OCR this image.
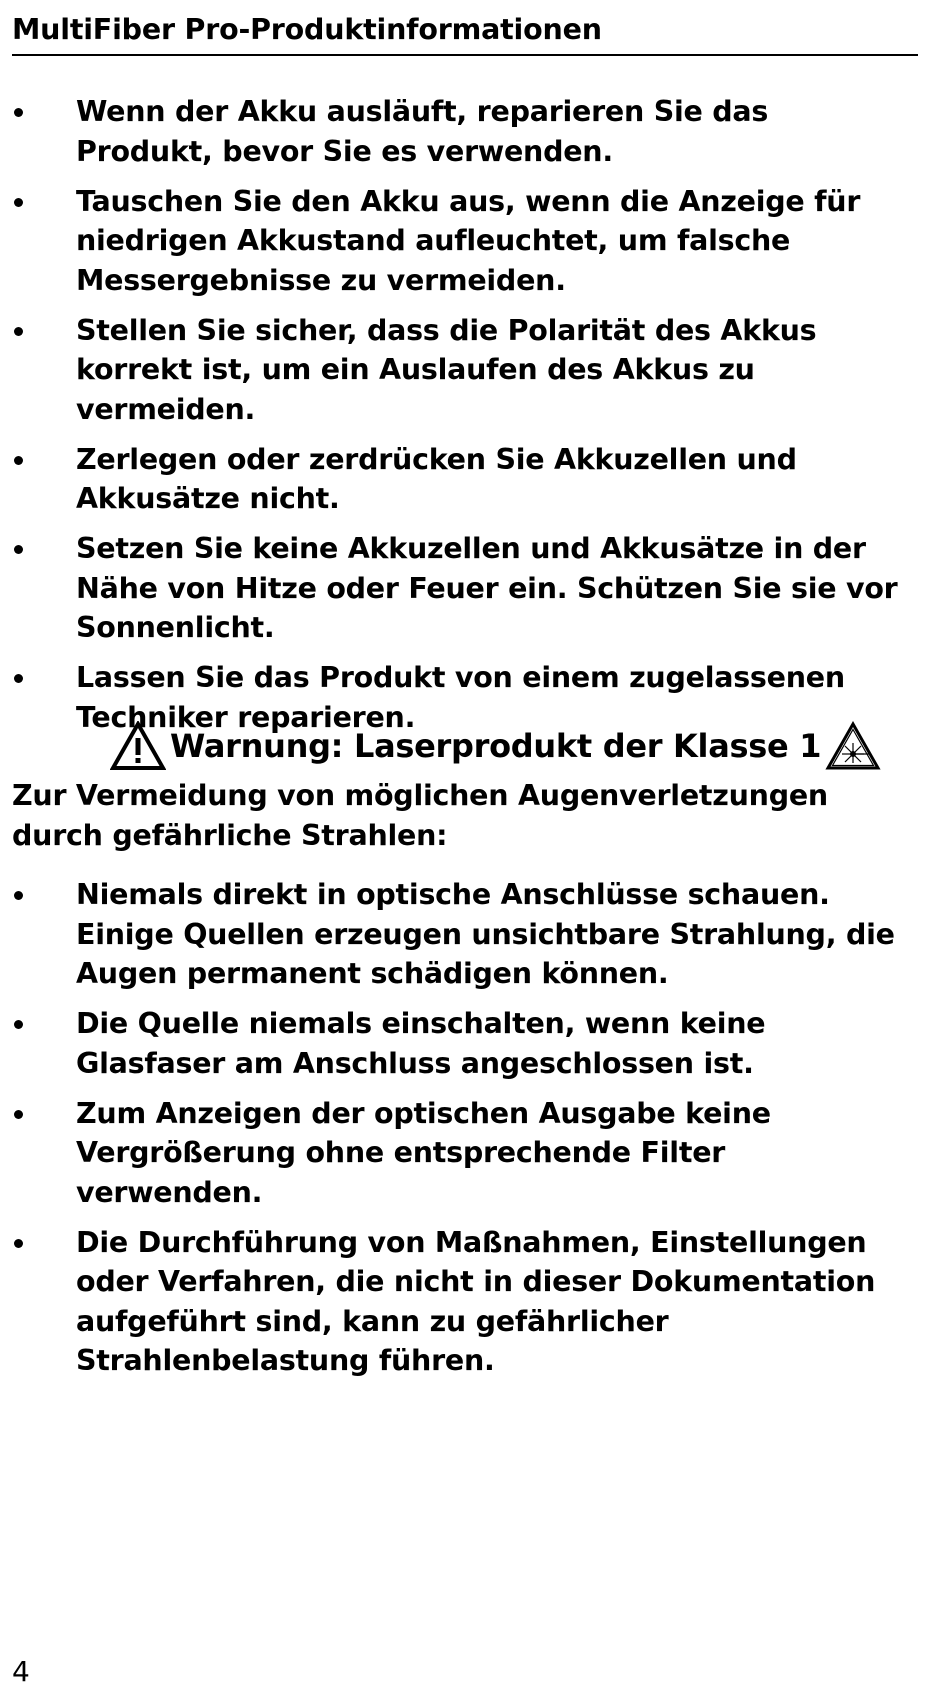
MultiFiber Pro-Produktinformationen
Wenn der Akku ausläuft, reparieren Sie das Produkt, bevor Sie es verwenden.
Tauschen Sie den Akku aus, wenn die Anzeige für niedrigen Akkustand aufleuchtet, um falsche Messergebnisse zu vermeiden.
Stellen Sie sicher, dass die Polarität des Akkus korrekt ist, um ein Auslaufen des Akkus zu vermeiden.
Zerlegen oder zerdrücken Sie Akkuzellen und Akkusätze nicht.
Setzen Sie keine Akkuzellen und Akkusätze in der Nähe von Hitze oder Feuer ein. Schützen Sie sie vor Sonnenlicht.
Lassen Sie das Produkt von einem zugelassenen Techniker reparieren.
Warnung: Laserprodukt der Klasse 1
Zur Vermeidung von möglichen Augenverletzungen durch gefährliche Strahlen:
Niemals direkt in optische Anschlüsse schauen. Einige Quellen erzeugen unsichtbare Strahlung, die Augen permanent schädigen können.
Die Quelle niemals einschalten, wenn keine Glasfaser am Anschluss angeschlossen ist.
Zum Anzeigen der optischen Ausgabe keine Vergrößerung ohne entsprechende Filter verwenden.
Die Durchführung von Maßnahmen, Einstellungen oder Verfahren, die nicht in dieser Dokumentation aufgeführt sind, kann zu gefährlicher Strahlenbelastung führen.
4
